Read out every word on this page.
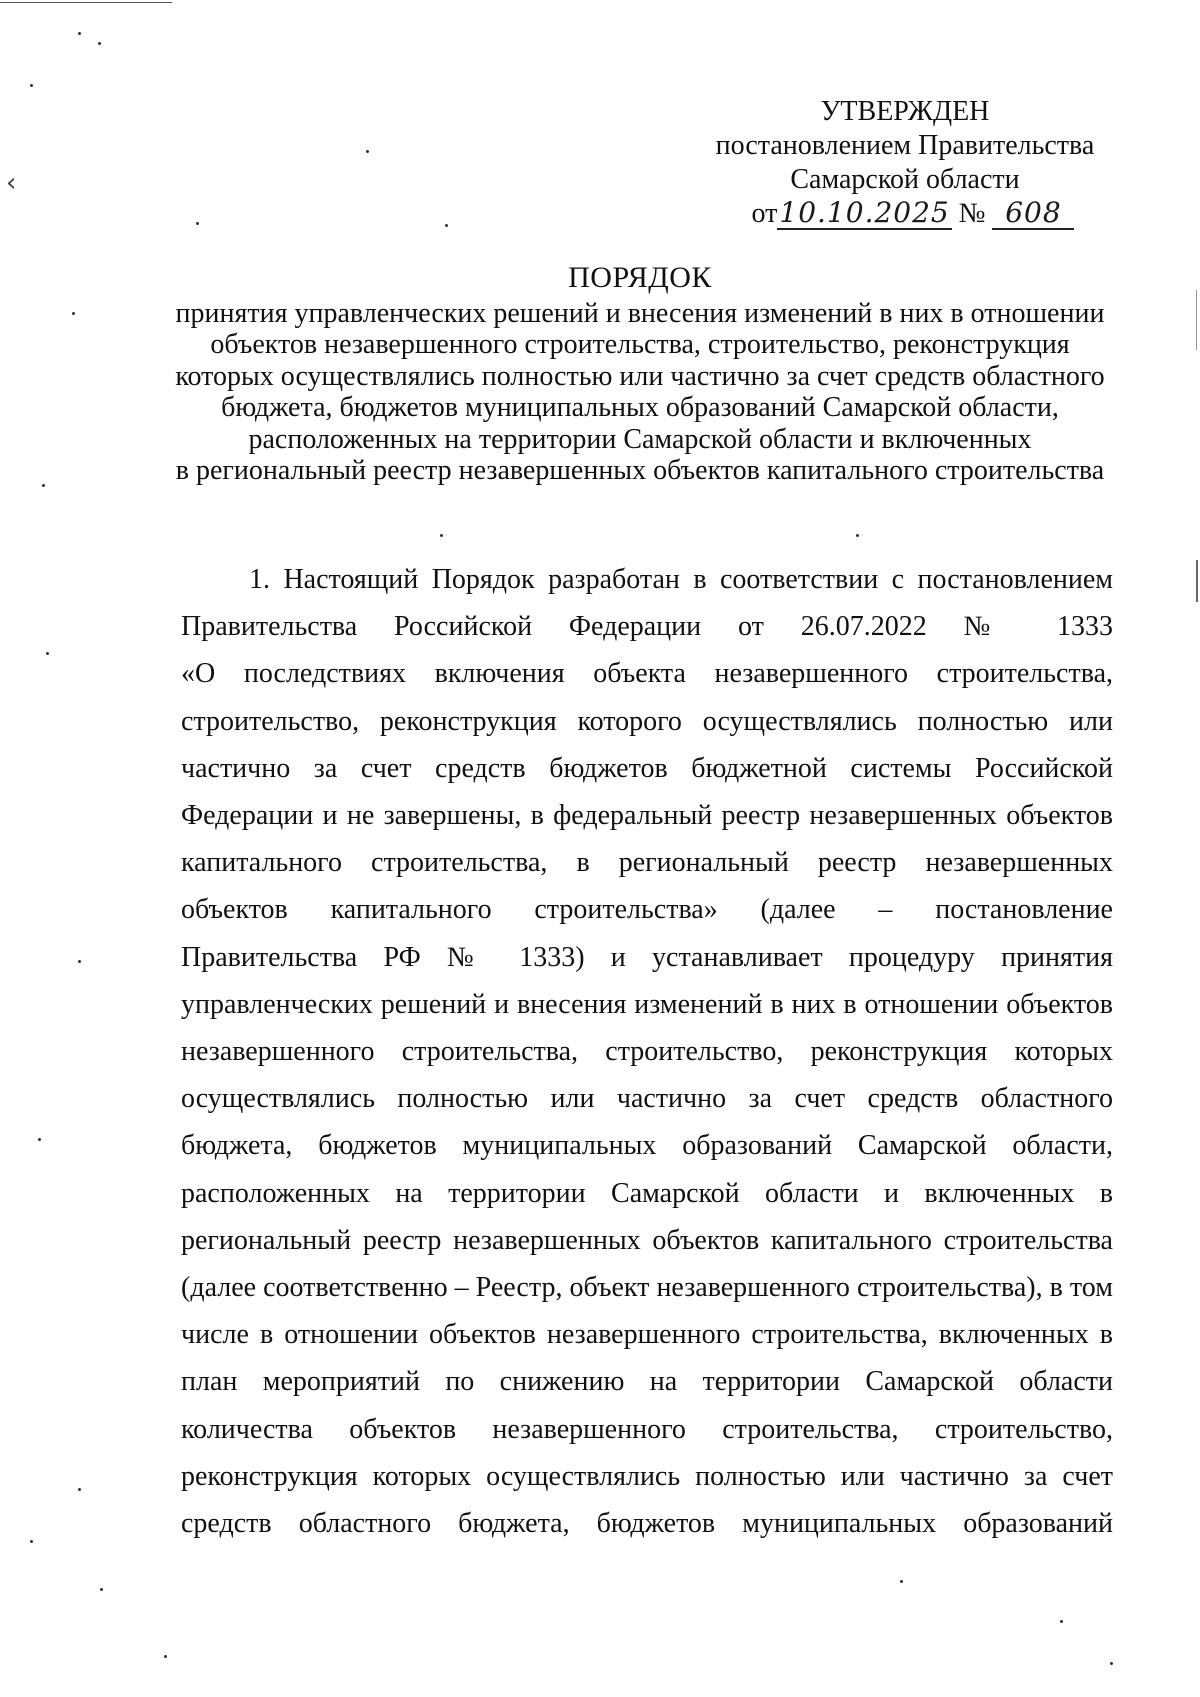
‹
УТВЕРЖДЕН
постановлением Правительства
Самарской области
от10.10.2025 № 608
ПОРЯДОК
принятия управленческих решений и внесения изменений в них в отношении
объектов незавершенного строительства, строительство, реконструкция
которых осуществлялись полностью или частично за счет средств областного
бюджета, бюджетов муниципальных образований Самарской области,
расположенных на территории Самарской области и включенных
в региональный реестр незавершенных объектов капитального строительства
1. Настоящий Порядок разработан в соответствии с постановлением
Правительства Российской Федерации от 26.07.2022 № 1333
«О последствиях включения объекта незавершенного строительства,
строительство, реконструкция которого осуществлялись полностью или
частично за счет средств бюджетов бюджетной системы Российской
Федерации и не завершены, в федеральный реестр незавершенных объектов
капитального строительства, в региональный реестр незавершенных
объектов капитального строительства» (далее – постановление
Правительства РФ № 1333) и устанавливает процедуру принятия
управленческих решений и внесения изменений в них в отношении объектов
незавершенного строительства, строительство, реконструкция которых
осуществлялись полностью или частично за счет средств областного
бюджета, бюджетов муниципальных образований Самарской области,
расположенных на территории Самарской области и включенных в
региональный реестр незавершенных объектов капитального строительства
(далее соответственно – Реестр, объект незавершенного строительства), в том
числе в отношении объектов незавершенного строительства, включенных в
план мероприятий по снижению на территории Самарской области
количества объектов незавершенного строительства, строительство,
реконструкция которых осуществлялись полностью или частично за счет
средств областного бюджета, бюджетов муниципальных образований
